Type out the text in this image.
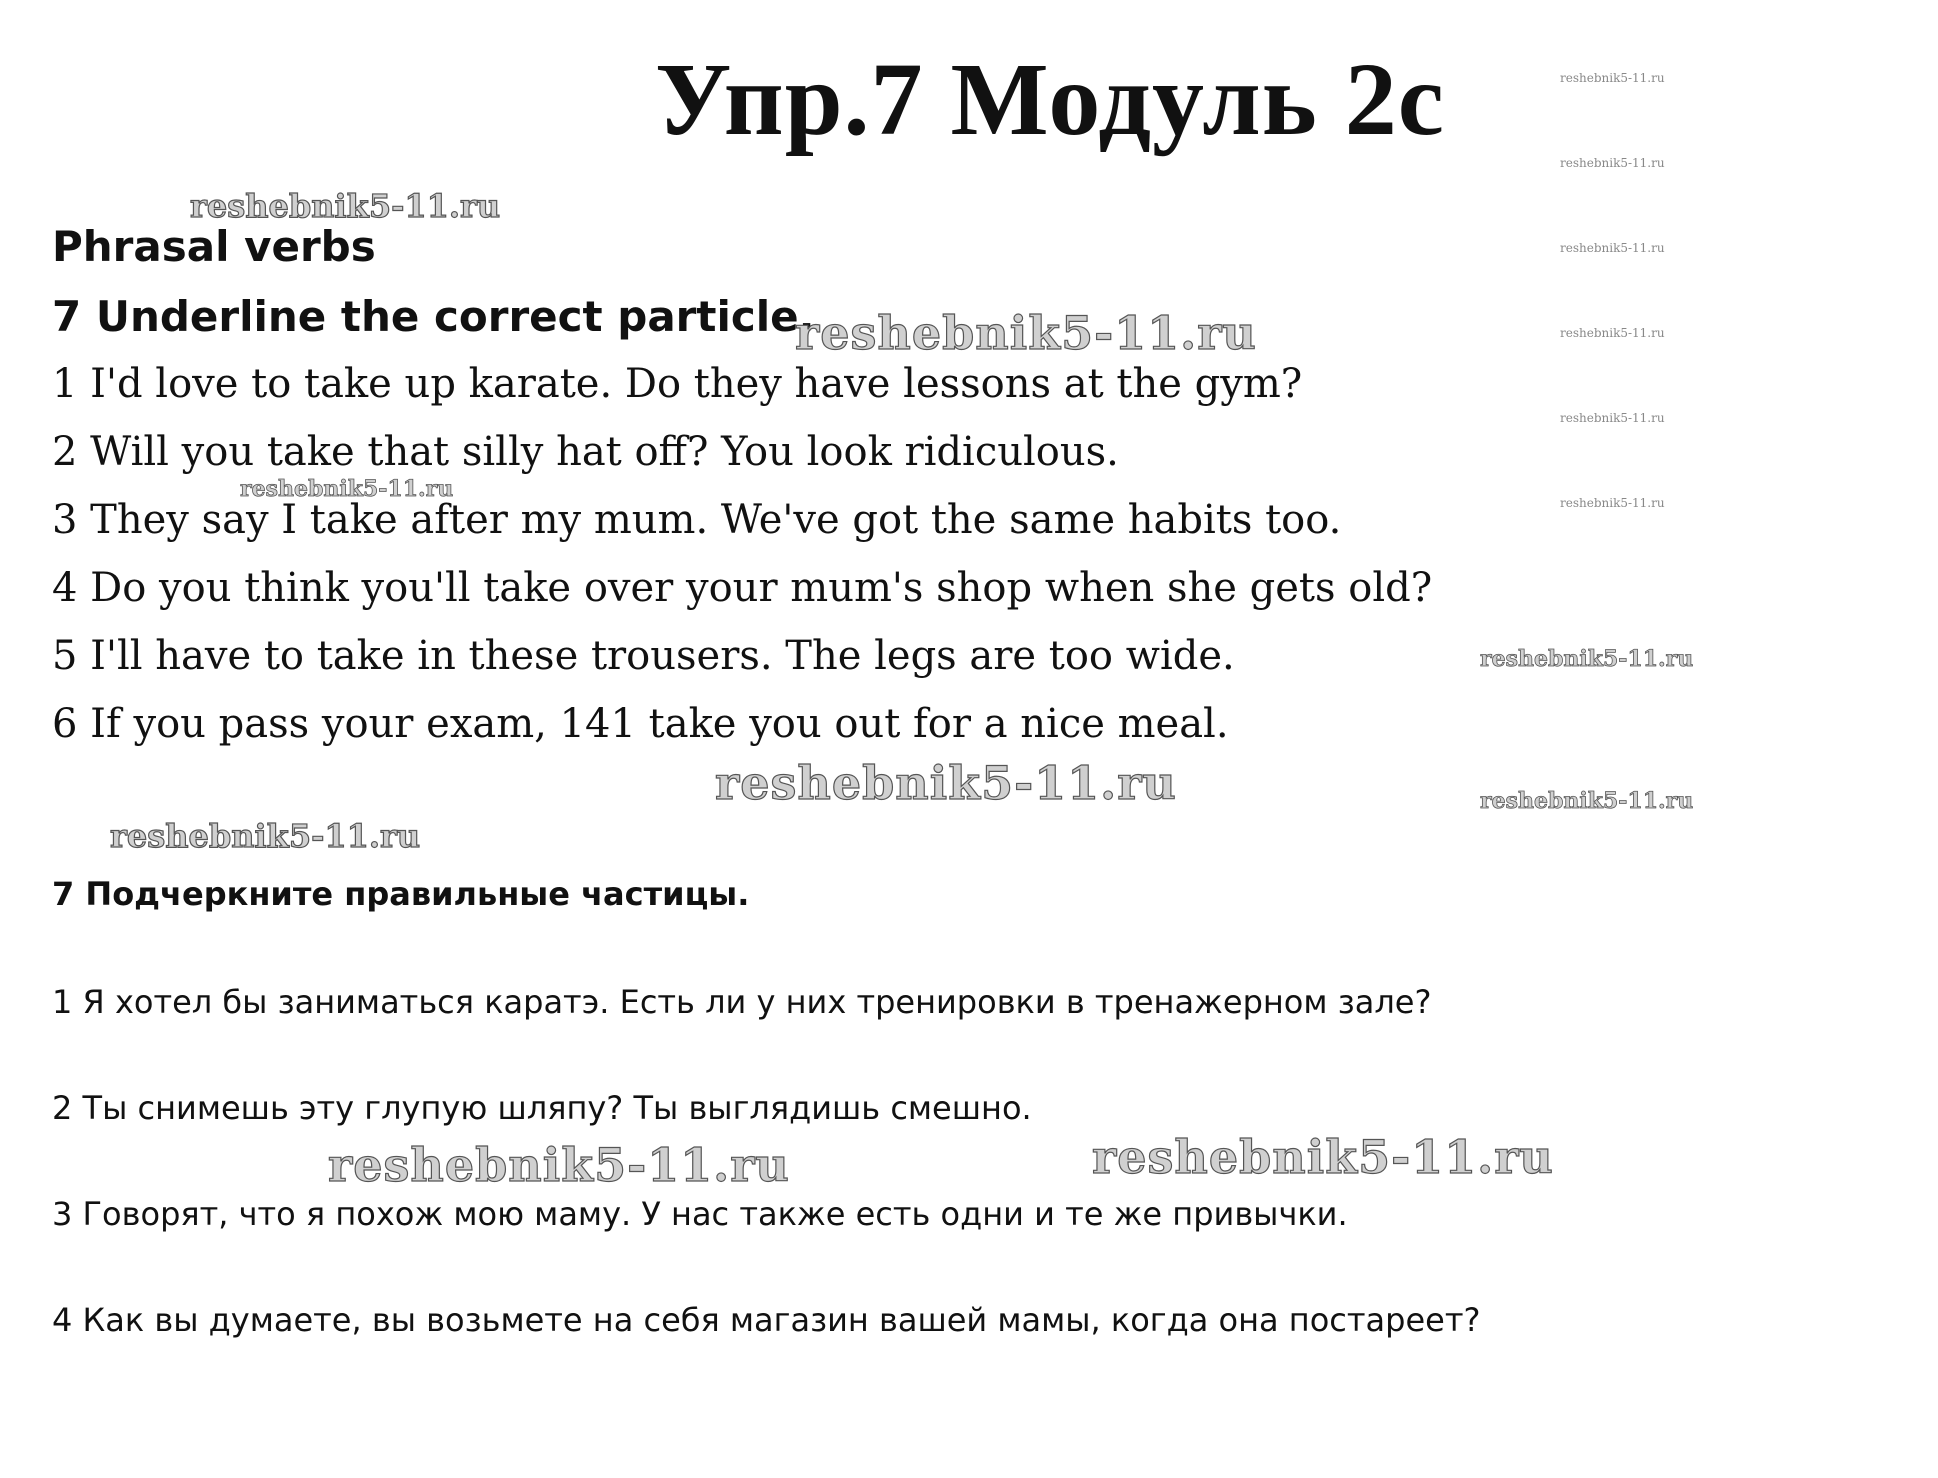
Упр.7 Модуль 2с
Phrasal verbs
7 Underline the correct particle.
1 I'd love to take up karate. Do they have lessons at the gym?
2 Will you take that silly hat off? You look ridiculous.
3 They say I take after my mum. We've got the same habits too.
4 Do you think you'll take over your mum's shop when she gets old?
5 I'll have to take in these trousers. The legs are too wide.
6 If you pass your exam, 141 take you out for a nice meal.
7 Подчеркните правильные частицы.
1 Я хотел бы заниматься каратэ. Есть ли у них тренировки в тренажерном зале?
2 Ты снимешь эту глупую шляпу? Ты выглядишь смешно.
3 Говорят, что я похож мою маму. У нас также есть одни и те же привычки.
4 Как вы думаете, вы возьмете на себя магазин вашей мамы, когда она постареет?
reshebnik5-11.ru
reshebnik5-11.ru
reshebnik5-11.ru
reshebnik5-11.ru
reshebnik5-11.ru
reshebnik5-11.ru
reshebnik5-11.ru
reshebnik5-11.ru
reshebnik5-11.ru
reshebnik5-11.ru
reshebnik5-11.ru	reshebnik5-11.ru
reshebnik5-11.ru
reshebnik5-11.ru	reshebnik5-11.ru
